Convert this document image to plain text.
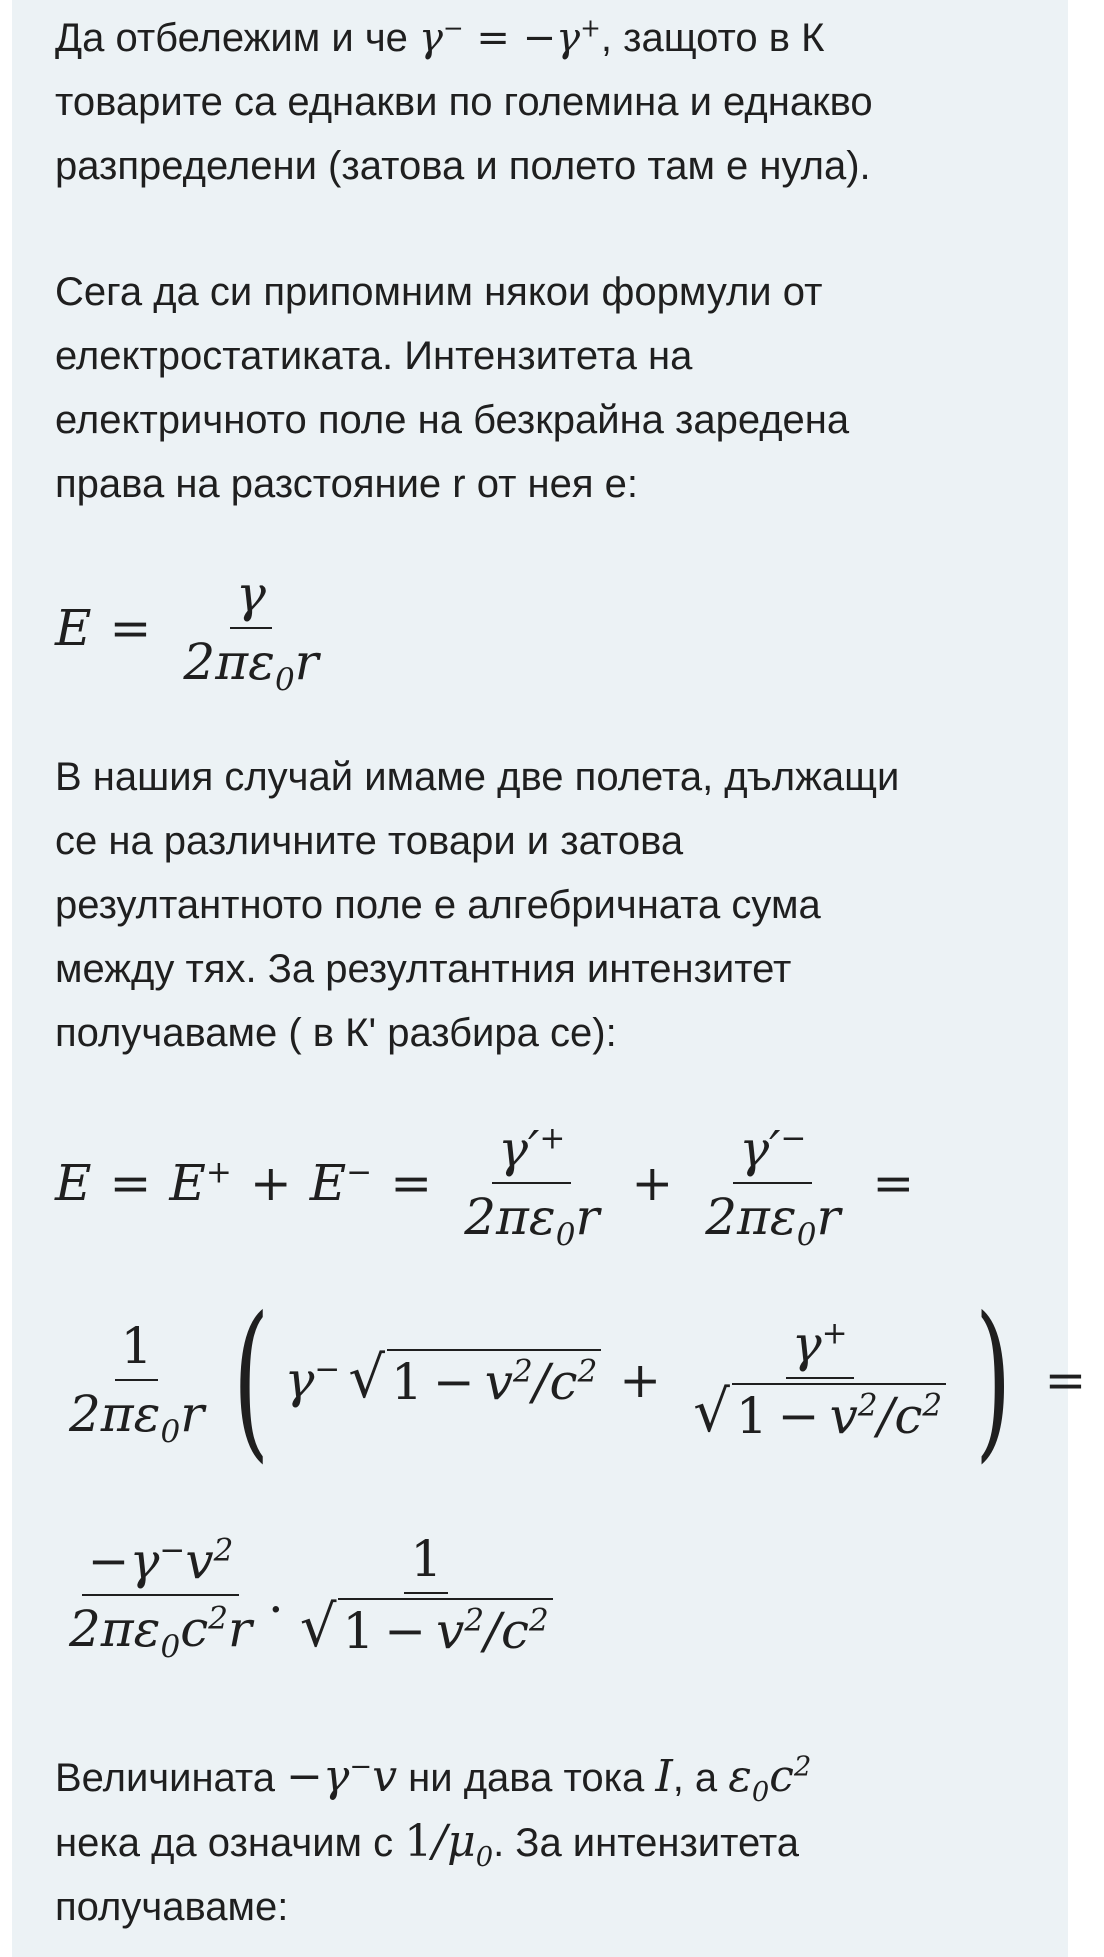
Да отбележим и че γ− = −γ+, защото в К

товарите са еднакви по големина и еднакво

разпределени (затова и полето там е нула).

Сега да си припомним някои формули от

електростатиката. Интензитета на

електричното поле на безкрайна заредена

права на разстояние r от нея е:

$E = \frac{\gamma}{2\pi\varepsilon_0r}$

В нашия случай имаме две полета, дължащи

се на различните товари и затова

резултантното поле е алгебричната сума

между тях. За резултантния интензитет

получаваме ( в К' разбира се):

$E = E^+ + E^- = \frac{\gamma'^+}{2\pi\varepsilon_0r} + \frac{\gamma'^-}{2\pi\varepsilon_0r}$ =
$\frac{1}{2\pi\varepsilon_0r}$ ( γ− √ $1 - v^2/c^2 + \frac{\gamma^+}{√ 1 - v^2/c^2}$ ) =
$\frac{-\gamma^-v^2}{2\pi\varepsilon_0c^2r}$ . $\frac{1}{√ 1 - v^2/c^2}$

Величината −γ−v ни дава тока I, а $\varepsilon_0c^2$

нека да означим с $1/\mu_0$. За интензитета

получаваме:
